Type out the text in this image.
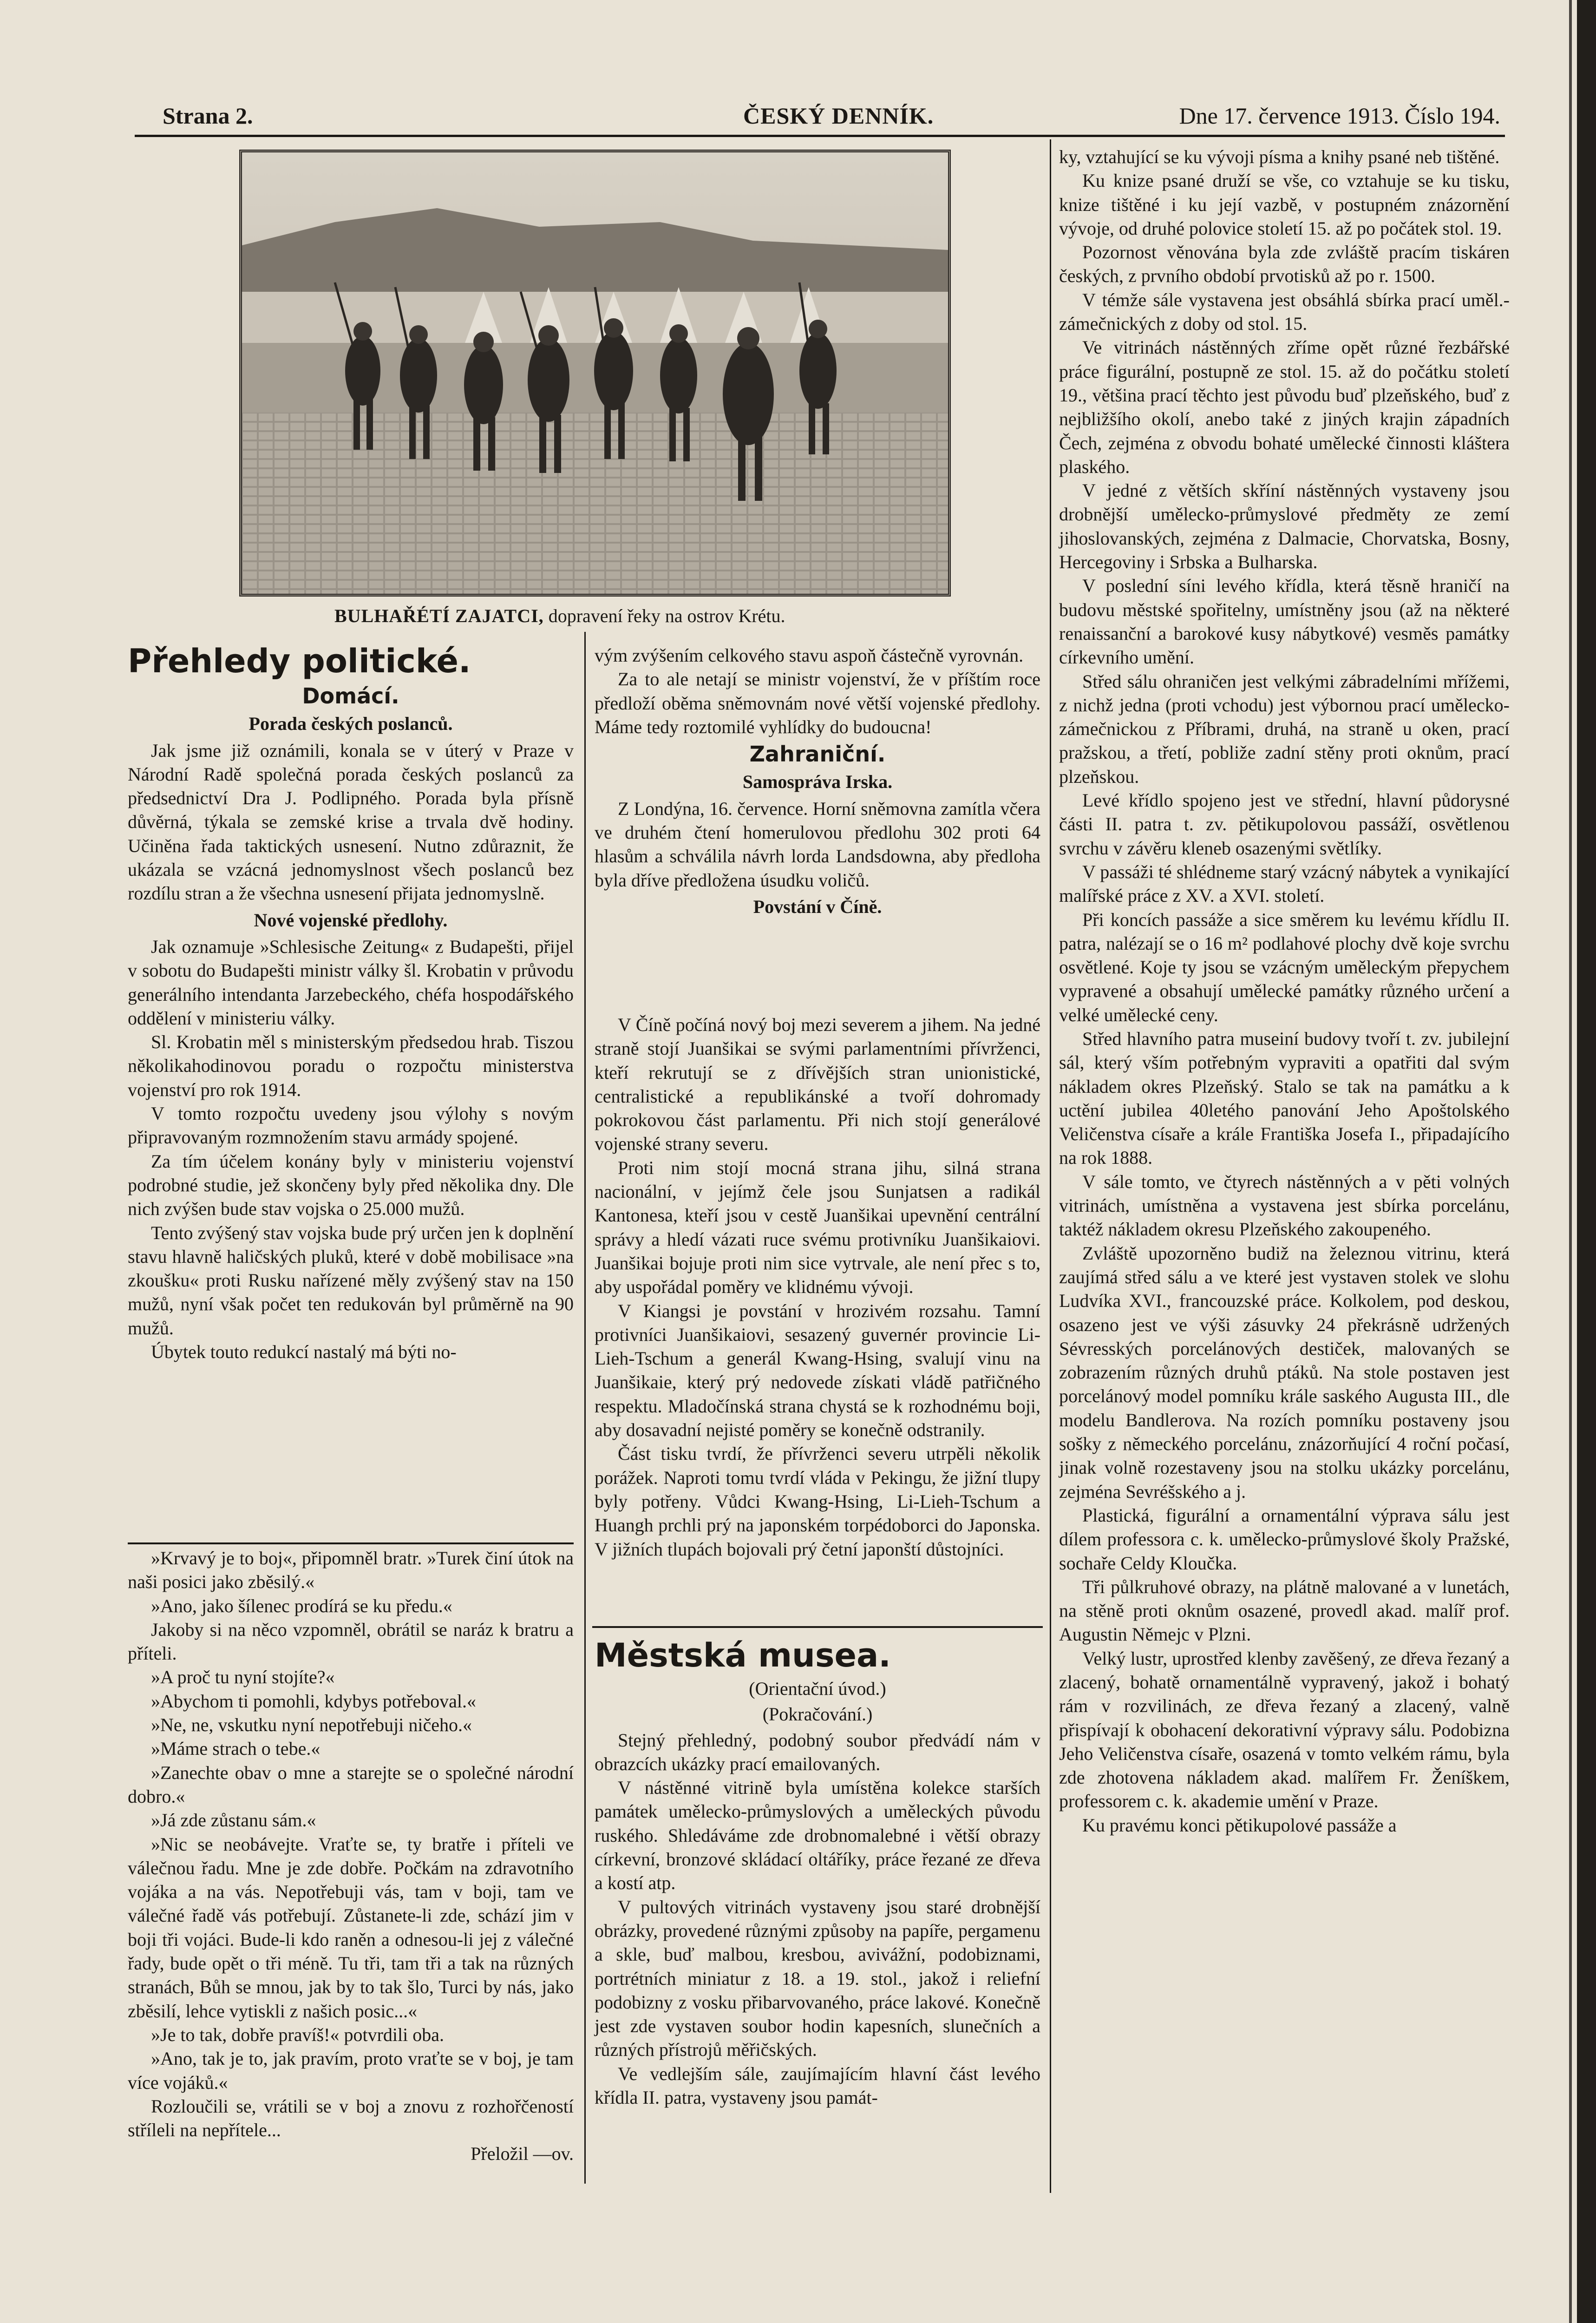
Strana 2.	ČESKÝ DENNÍK.	Dne 17. července 1913. Číslo 194.
BULHAŘÉTÍ ZAJATCI, dopravení řeky na ostrov Krétu.
Přehledy politické.
Domácí.

Porada českých poslanců.

Jak jsme již oznámili, konala se v úterý v Praze v Národní Radě společná porada českých poslanců za předsednictví Dra J. Podlipného. Porada byla přísně důvěrná, týkala se zemské krise a trvala dvě hodiny. Učiněna řada taktických usnesení. Nutno zdůraznit, že ukázala se vzácná jednomyslnost všech poslanců bez rozdílu stran a že všechna usnesení přijata jednomyslně.

Nové vojenské předlohy.

Jak oznamuje »Schlesische Zeitung« z Budapešti, přijel v sobotu do Budapešti ministr války šl. Krobatin v průvodu generálního intendanta Jarzebeckého, chéfa hospodářského oddělení v ministeriu války.

Sl. Krobatin měl s ministerským předsedou hrab. Tiszou několikahodinovou poradu o rozpočtu ministerstva vojenství pro rok 1914.

V tomto rozpočtu uvedeny jsou výlohy s novým připravovaným rozmnožením stavu armády spojené.

Za tím účelem konány byly v ministeriu vojenství podrobné studie, jež skončeny byly před několika dny. Dle nich zvýšen bude stav vojska o 25.000 mužů.

Tento zvýšený stav vojska bude prý určen jen k doplnění stavu hlavně haličských pluků, které v době mobilisace »na zkoušku« proti Rusku nařízené měly zvýšený stav na 150 mužů, nyní však počet ten redukován byl průměrně na 90 mužů.

Úbytek touto redukcí nastalý má býti no-

»Krvavý je to boj«, připomněl bratr. »Turek činí útok na naši posici jako zběsilý.«

»Ano, jako šílenec prodírá se ku předu.«

Jakoby si na něco vzpomněl, obrátil se naráz k bratru a příteli.

»A proč tu nyní stojíte?«

»Abychom ti pomohli, kdybys potřeboval.«

»Ne, ne, vskutku nyní nepotřebuji ničeho.«

»Máme strach o tebe.«

»Zanechte obav o mne a starejte se o společné národní dobro.«

»Já zde zůstanu sám.«

»Nic se neobávejte. Vraťte se, ty bratře i příteli ve válečnou řadu. Mne je zde dobře. Počkám na zdravotního vojáka a na vás. Nepotřebuji vás, tam v boji, tam ve válečné řadě vás potřebují. Zůstanete-li zde, schází jim v boji tři vojáci. Bude-li kdo raněn a odnesou-li jej z válečné řady, bude opět o tři méně. Tu tři, tam tři a tak na různých stranách, Bůh se mnou, jak by to tak šlo, Turci by nás, jako zběsilí, lehce vytiskli z našich posic...«

»Je to tak, dobře pravíš!« potvrdili oba.

»Ano, tak je to, jak pravím, proto vraťte se v boj, je tam více vojáků.«

Rozloučili se, vrátili se v boj a znovu z rozhořčeností stříleli na nepřítele...

Přeložil —ov.

vým zvýšením celkového stavu aspoň částečně vyrovnán.

Za to ale netají se ministr vojenství, že v příštím roce předloží oběma sněmovnám nové větší vojenské předlohy. Máme tedy roztomilé vyhlídky do budoucna!

Zahraniční.

Samospráva Irska.

Z Londýna, 16. července. Horní sněmovna zamítla včera ve druhém čtení homerulovou předlohu 302 proti 64 hlasům a schválila návrh lorda Landsdowna, aby předloha byla dříve předložena úsudku voličů.

Povstání v Číně.

V Číně počíná nový boj mezi severem a jihem. Na jedné straně stojí Juanšikai se svými parlamentními přívrženci, kteří rekrutují se z dřívějších stran unionistické, centralistické a republikánské a tvoří dohromady pokrokovou část parlamentu. Při nich stojí generálové vojenské strany severu.

Proti nim stojí mocná strana jihu, silná strana nacionální, v jejímž čele jsou Sunjatsen a radikál Kantonesa, kteří jsou v cestě Juanšikai upevnění centrální správy a hledí vázati ruce svému protivníku Juanšikaiovi. Juanšikai bojuje proti nim sice vytrvale, ale není přec s to, aby uspořádal poměry ve klidnému vývoji.

V Kiangsi je povstání v hrozivém rozsahu. Tamní protivníci Juanšikaiovi, sesazený guvernér provincie Li-Lieh-Tschum a generál Kwang-Hsing, svalují vinu na Juanšikaie, který prý nedovede získati vládě patřičného respektu. Mladočínská strana chystá se k rozhodnému boji, aby dosavadní nejisté poměry se konečně odstranily.

Část tisku tvrdí, že přívrženci severu utrpěli několik porážek. Naproti tomu tvrdí vláda v Pekingu, že jižní tlupy byly potřeny. Vůdci Kwang-Hsing, Li-Lieh-Tschum a Huangh prchli prý na japonském torpédoborci do Japonska. V jižních tlupách bojovali prý četní japonští důstojníci.

Městská musea.

(Orientační úvod.)

(Pokračování.)

Stejný přehledný, podobný soubor předvádí nám v obrazcích ukázky prací emailovaných.

V nástěnné vitrině byla umístěna kolekce starších památek umělecko-průmyslových a uměleckých původu ruského. Shledáváme zde drobnomalebné i větší obrazy církevní, bronzové skládací oltáříky, práce řezané ze dřeva a kostí atp.

V pultových vitrinách vystaveny jsou staré drobnější obrázky, provedené různými způsoby na papíře, pergamenu a skle, buď malbou, kresbou, avivážní, podobiznami, portrétních miniatur z 18. a 19. stol., jakož i reliefní podobizny z vosku přibarvovaného, práce lakové. Konečně jest zde vystaven soubor hodin kapesních, slunečních a různých přístrojů měřičských.

Ve vedlejším sále, zaujímajícím hlavní část levého křídla II. patra, vystaveny jsou památ-

ky, vztahující se ku vývoji písma a knihy psané neb tištěné.

Ku knize psané druží se vše, co vztahuje se ku tisku, knize tištěné i ku její vazbě, v postupném znázornění vývoje, od druhé polovice století 15. až po počátek stol. 19.

Pozornost věnována byla zde zvláště pracím tiskáren českých, z prvního období prvotisků až po r. 1500.

V témže sále vystavena jest obsáhlá sbírka prací uměl.-zámečnických z doby od stol. 15.

Ve vitrinách nástěnných zříme opět různé řezbářské práce figurální, postupně ze stol. 15. až do počátku století 19., většina prací těchto jest původu buď plzeňského, buď z nejbližšího okolí, anebo také z jiných krajin západních Čech, zejména z obvodu bohaté umělecké činnosti kláštera plaského.

V jedné z větších skříní nástěnných vystaveny jsou drobnější umělecko-průmyslové předměty ze zemí jihoslovanských, zejména z Dalmacie, Chorvatska, Bosny, Hercegoviny i Srbska a Bulharska.

V poslední síni levého křídla, která těsně hraničí na budovu městské spořitelny, umístněny jsou (až na některé renaissanční a barokové kusy nábytkové) vesměs památky církevního umění.

Střed sálu ohraničen jest velkými zábradelními mřížemi, z nichž jedna (proti vchodu) jest výbornou prací umělecko-zámečnickou z Příbrami, druhá, na straně u oken, prací pražskou, a třetí, pobliže zadní stěny proti oknům, prací plzeňskou.

Levé křídlo spojeno jest ve střední, hlavní půdorysné části II. patra t. zv. pětikupolovou passáží, osvětlenou svrchu v závěru kleneb osazenými světlíky.

V passáži té shlédneme starý vzácný nábytek a vynikající malířské práce z XV. a XVI. století.

Při koncích passáže a sice směrem ku levému křídlu II. patra, nalézají se o 16 m² podlahové plochy dvě koje svrchu osvětlené. Koje ty jsou se vzácným uměleckým přepychem vypravené a obsahují umělecké památky různého určení a velké umělecké ceny.

Střed hlavního patra museiní budovy tvoří t. zv. jubilejní sál, který vším potřebným vypraviti a opatřiti dal svým nákladem okres Plzeňský. Stalo se tak na památku a k uctění jubilea 40letého panování Jeho Apoštolského Veličenstva císaře a krále Františka Josefa I., připadajícího na rok 1888.

V sále tomto, ve čtyrech nástěnných a v pěti volných vitrinách, umístněna a vystavena jest sbírka porcelánu, taktéž nákladem okresu Plzeňského zakoupeného.

Zvláště upozorněno budiž na železnou vitrinu, která zaujímá střed sálu a ve které jest vystaven stolek ve slohu Ludvíka XVI., francouzské práce. Kolkolem, pod deskou, osazeno jest ve výši zásuvky 24 překrásně udržených Sévresských porcelánových destiček, malovaných se zobrazením různých druhů ptáků. Na stole postaven jest porcelánový model pomníku krále saského Augusta III., dle modelu Bandlerova. Na rozích pomníku postaveny jsou sošky z německého porcelánu, znázorňující 4 roční počasí, jinak volně rozestaveny jsou na stolku ukázky porcelánu, zejména Sevréšského a j.

Plastická, figurální a ornamentální výprava sálu jest dílem professora c. k. umělecko-průmyslové školy Pražské, sochaře Celdy Kloučka.

Tři půlkruhové obrazy, na plátně malované a v lunetách, na stěně proti oknům osazené, provedl akad. malíř prof. Augustin Němejc v Plzni.

Velký lustr, uprostřed klenby zavěšený, ze dřeva řezaný a zlacený, bohatě ornamentálně vypravený, jakož i bohatý rám v rozvilinách, ze dřeva řezaný a zlacený, valně přispívají k obohacení dekorativní výpravy sálu. Podobizna Jeho Veličenstva císaře, osazená v tomto velkém rámu, byla zde zhotovena nákladem akad. malířem Fr. Ženíškem, professorem c. k. akademie umění v Praze.

Ku pravému konci pětikupolové passáže a
